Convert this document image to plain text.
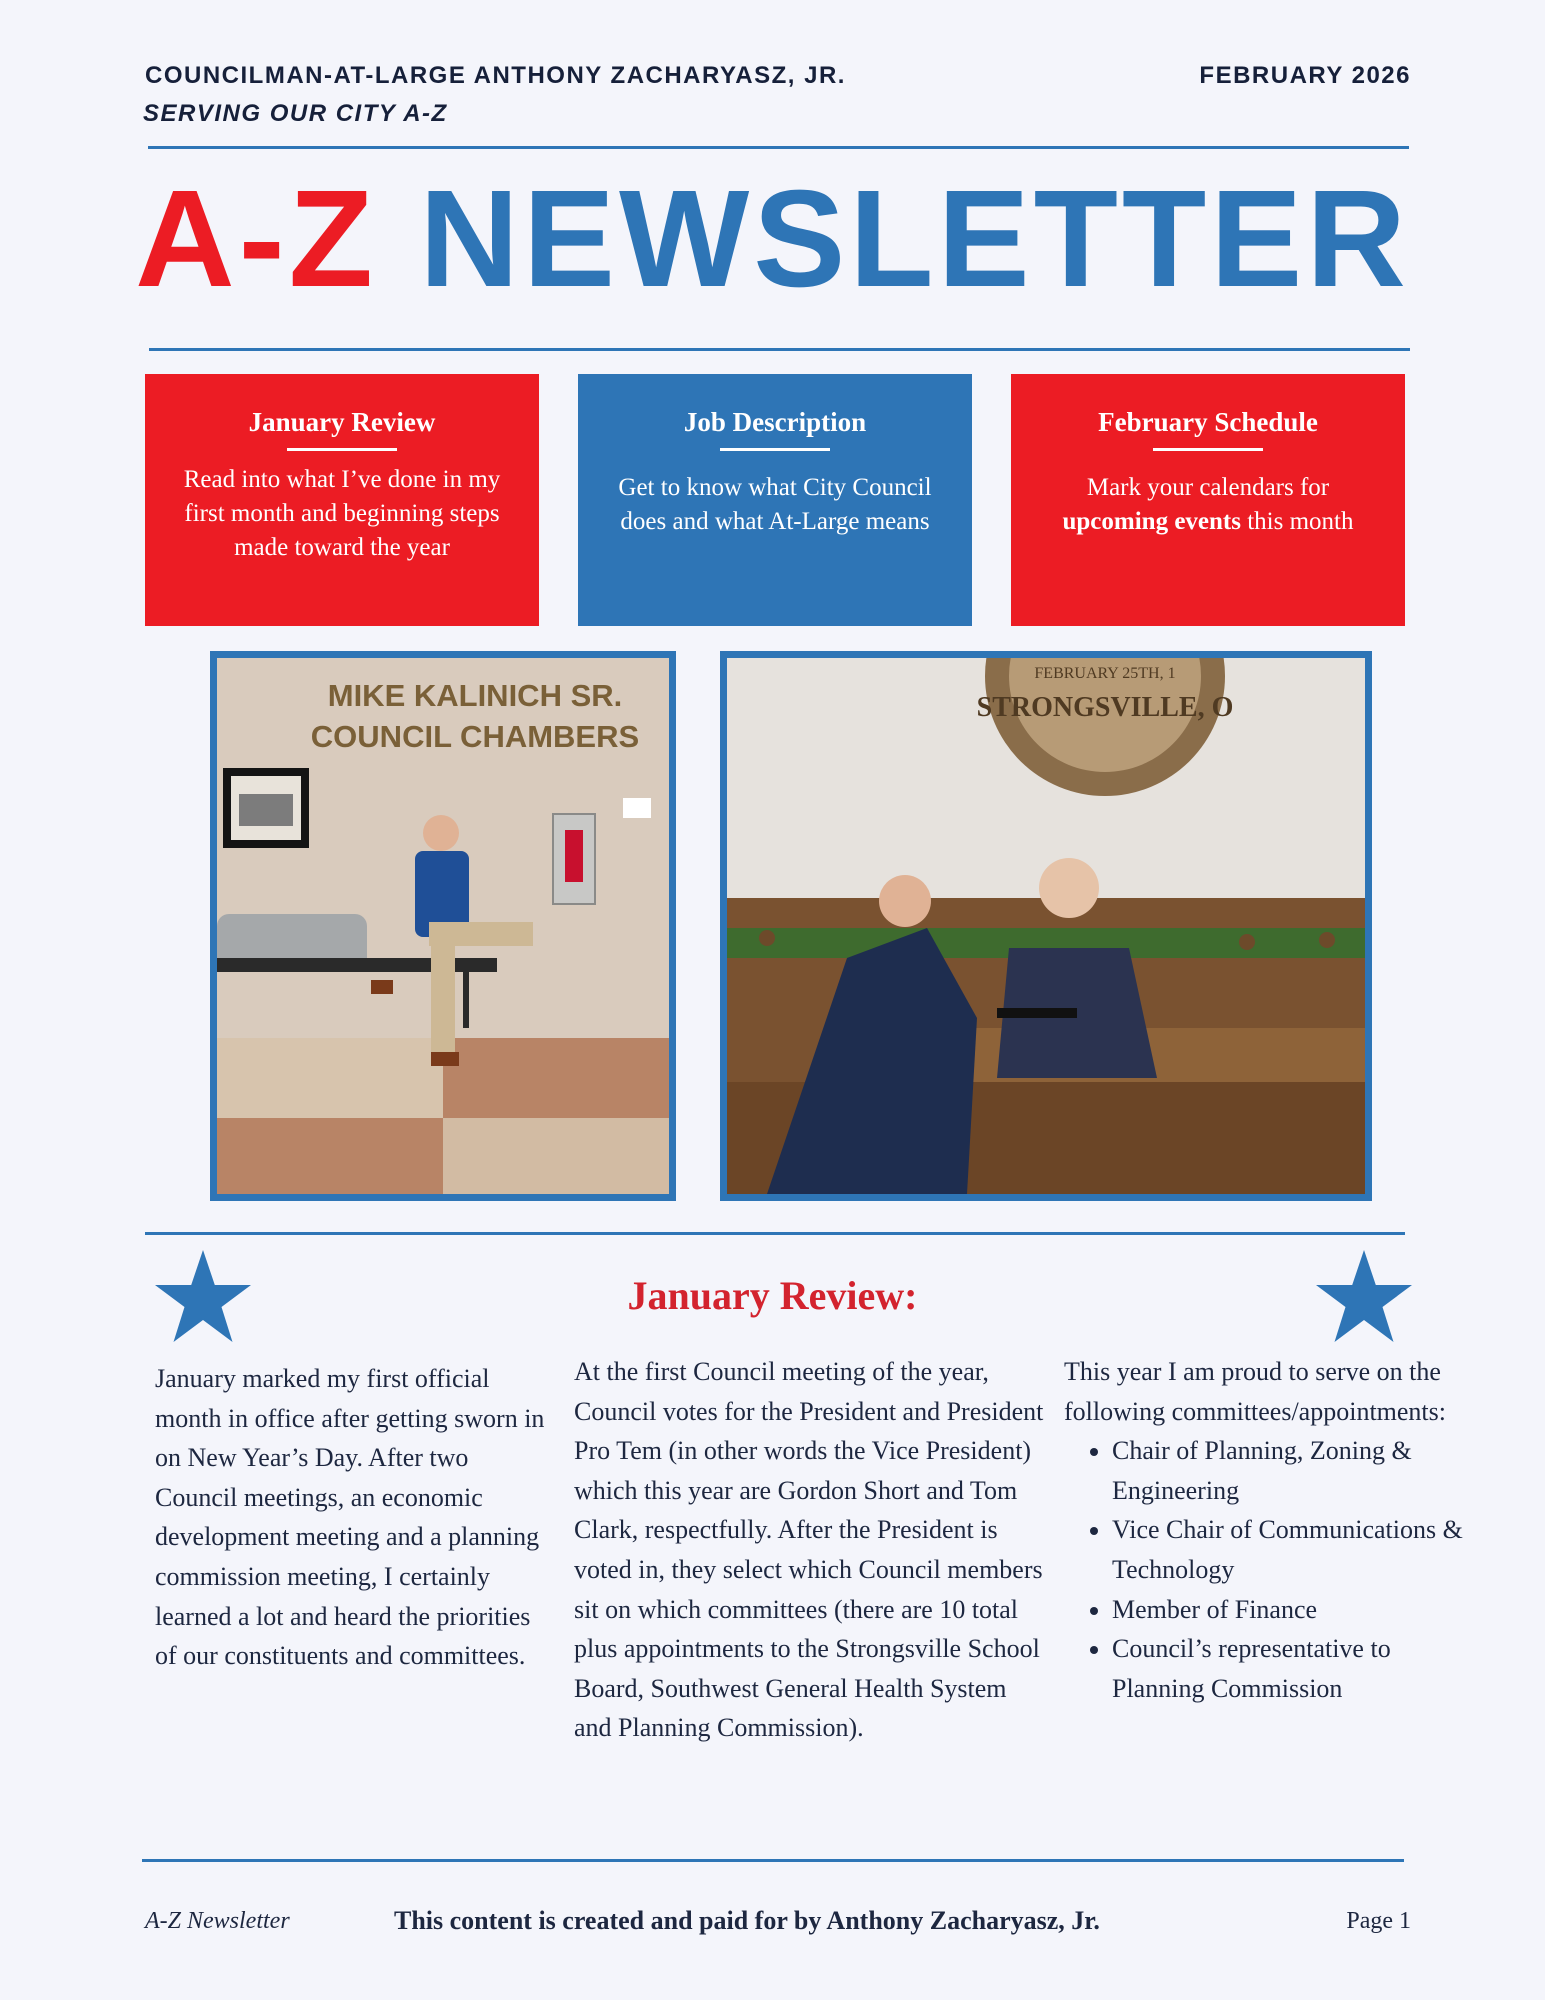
COUNCILMAN-AT-LARGE ANTHONY ZACHARYASZ, JR.
SERVING OUR CITY A-Z
FEBRUARY 2026
A-Z NEWSLETTER
January Review
Read into what I’ve done in my first month and beginning steps made toward the year
Job Description
Get to know what City Council does and what At-Large means
February Schedule
Mark your calendars for upcoming events this month
MIKE KALINICH SR.
COUNCIL CHAMBERS
STRONGSVILLE, O
FEBRUARY 25TH, 1
January Review:
January marked my first official month in office after getting sworn in on New Year’s Day. After two Council meetings, an economic development meeting and a planning commission meeting, I certainly learned a lot and heard the priorities of our constituents and committees.
At the first Council meeting of the year, Council votes for the President and President Pro Tem (in other words the Vice President) which this year are Gordon Short and Tom Clark, respectfully. After the President is voted in, they select which Council members sit on which committees (there are 10 total plus appointments to the Strongsville School Board, Southwest General Health System and Planning Commission).
This year I am proud to serve on the following committees/appointments:
• Chair of Planning, Zoning & Engineering
• Vice Chair of Communications & Technology
• Member of Finance
• Council’s representative to Planning Commission
A-Z Newsletter	This content is created and paid for by Anthony Zacharyasz, Jr.	Page 1
